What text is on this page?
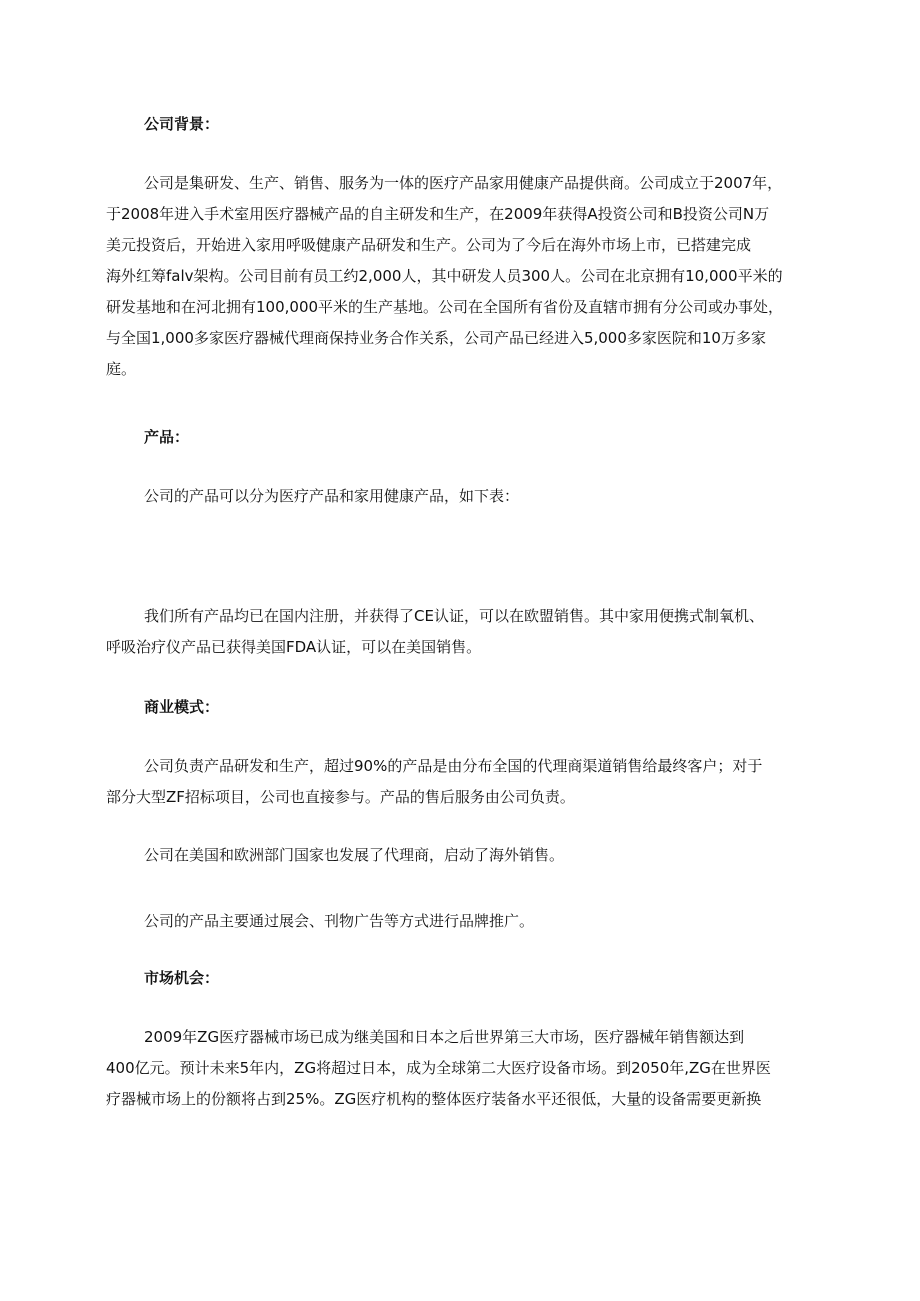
公司背景：
公司是集研发、生产、销售、服务为一体的医疗产品家用健康产品提供商。公司成立于2007年，
于2008年进入手术室用医疗器械产品的自主研发和生产，在2009年获得A投资公司和B投资公司N万
美元投资后，开始进入家用呼吸健康产品研发和生产。公司为了今后在海外市场上市，已搭建完成
海外红筹falv架构。公司目前有员工约2,000人，其中研发人员300人。公司在北京拥有10,000平米的
研发基地和在河北拥有100,000平米的生产基地。公司在全国所有省份及直辖市拥有分公司或办事处，
与全国1,000多家医疗器械代理商保持业务合作关系，公司产品已经进入5,000多家医院和10万多家
庭。
产品：
公司的产品可以分为医疗产品和家用健康产品，如下表：
我们所有产品均已在国内注册，并获得了CE认证，可以在欧盟销售。其中家用便携式制氧机、
呼吸治疗仪产品已获得美国FDA认证，可以在美国销售。
商业模式：
公司负责产品研发和生产，超过90%的产品是由分布全国的代理商渠道销售给最终客户；对于
部分大型ZF招标项目，公司也直接参与。产品的售后服务由公司负责。
公司在美国和欧洲部门国家也发展了代理商，启动了海外销售。
公司的产品主要通过展会、刊物广告等方式进行品牌推广。
市场机会：
2009年ZG医疗器械市场已成为继美国和日本之后世界第三大市场，医疗器械年销售额达到
400亿元。预计未来5年内，ZG将超过日本，成为全球第二大医疗设备市场。到2050年,ZG在世界医
疗器械市场上的份额将占到25%。ZG医疗机构的整体医疗装备水平还很低，大量的设备需要更新换
